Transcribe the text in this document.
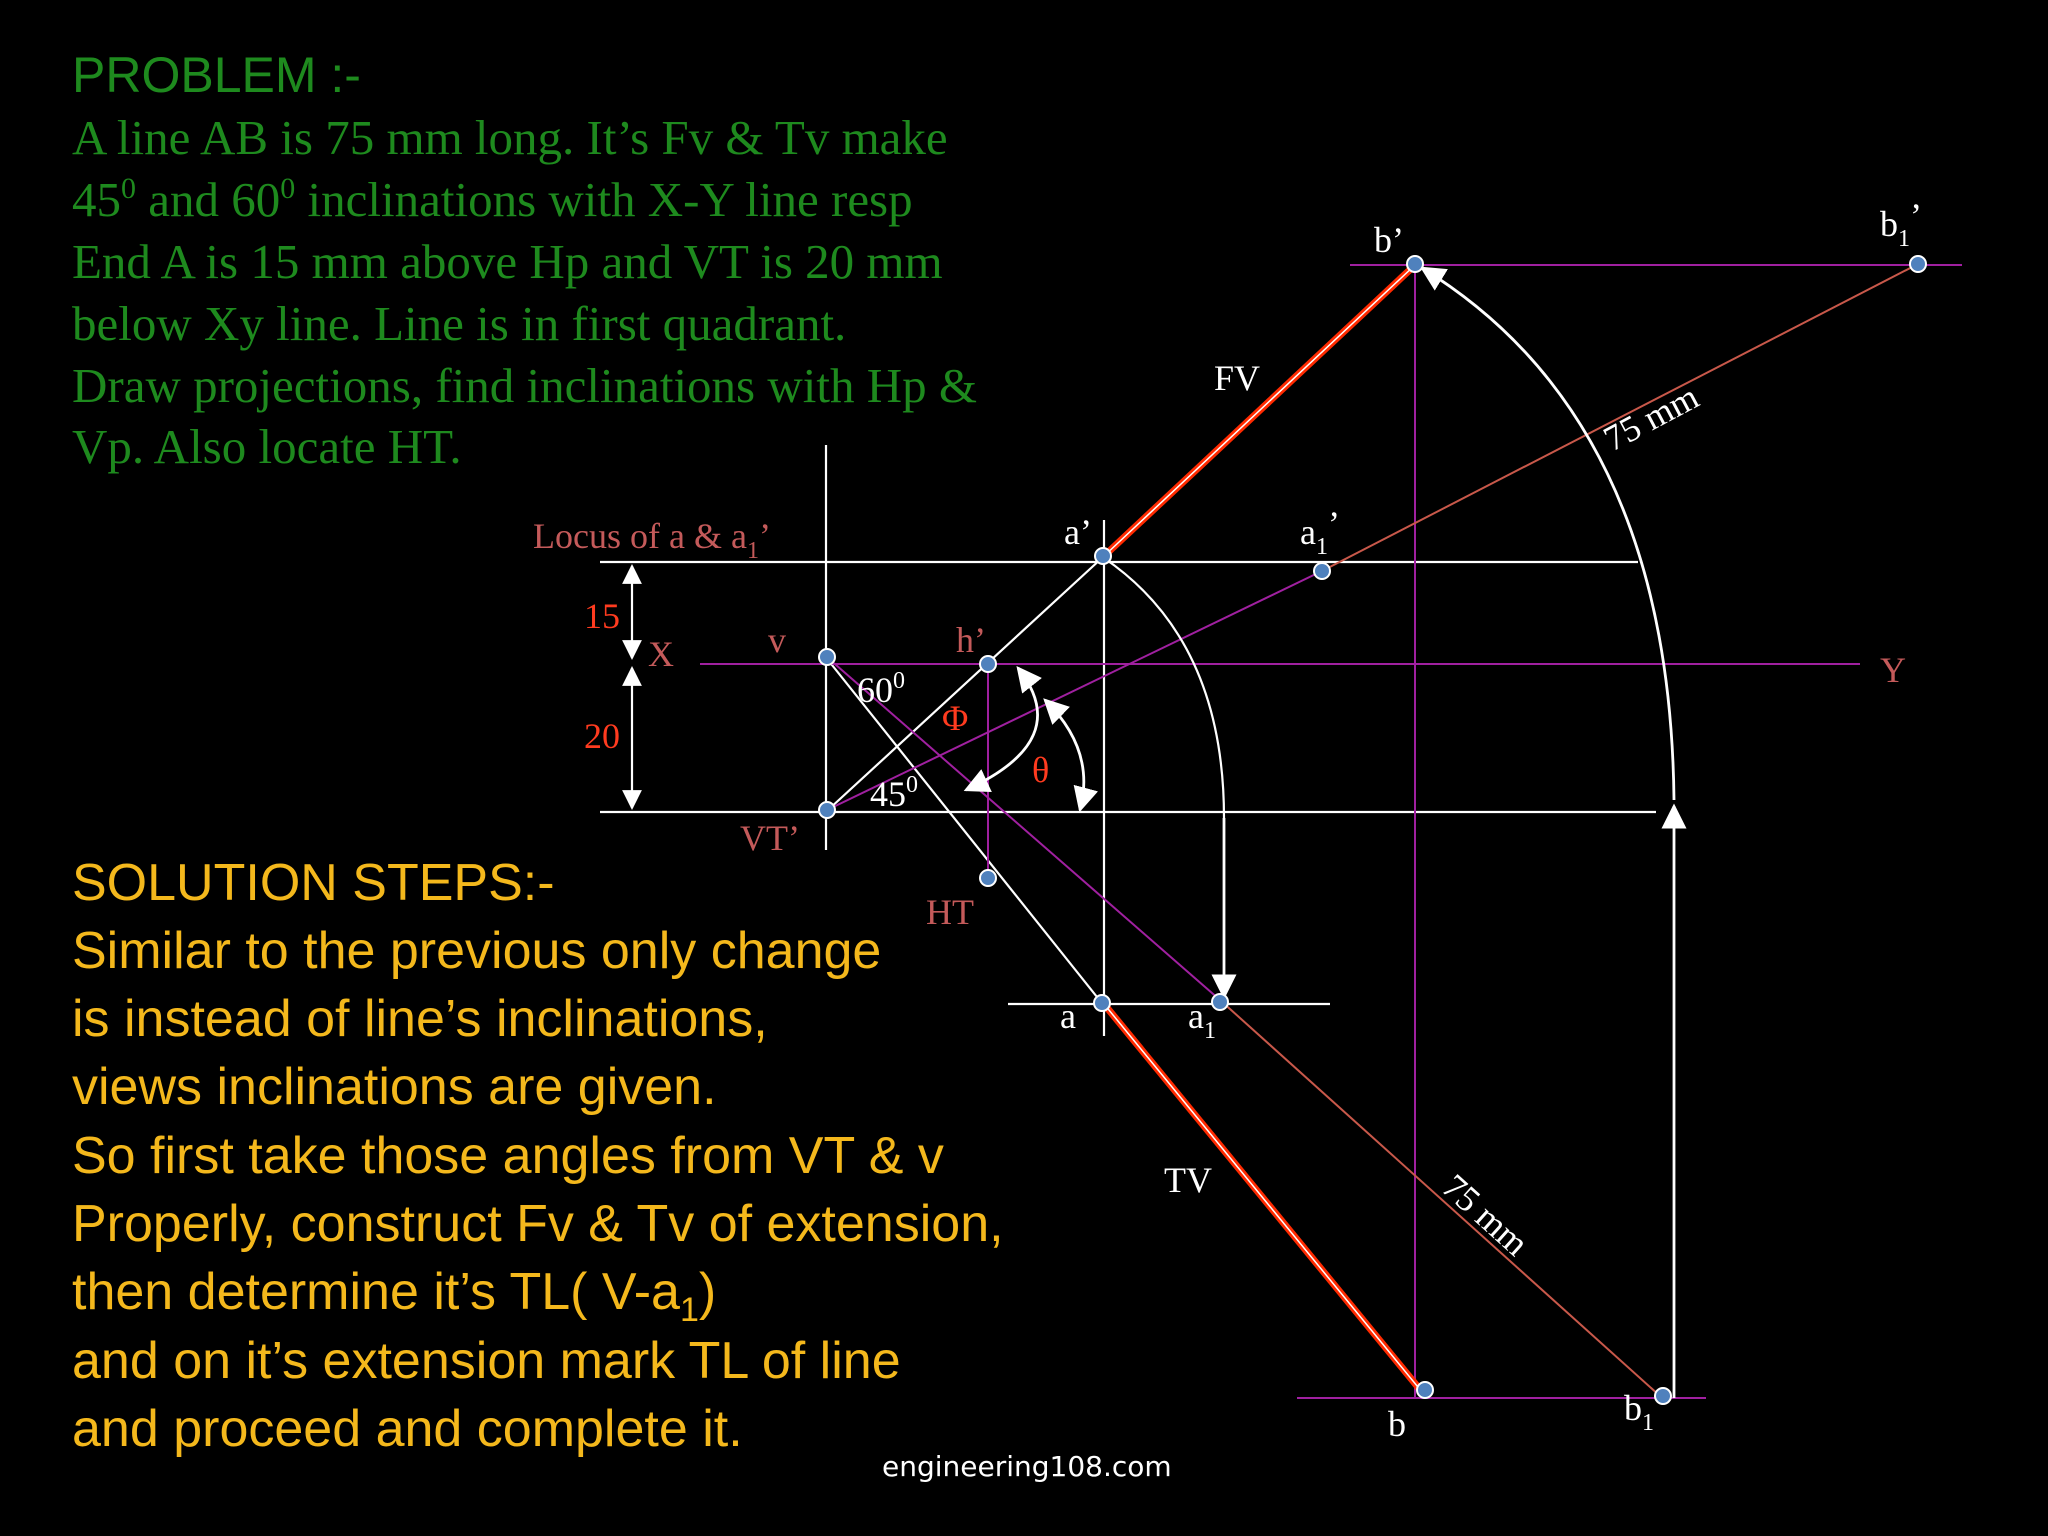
PROBLEM :-
A line AB is 75 mm long. It’s Fv & Tv make
$45^0$ and $60^0$ inclinations with X-Y line resp
End A is 15 mm above Hp and VT is 20 mm
below Xy line. Line is in first quadrant.
Draw projections, find inclinations with Hp &
Vp. Also locate HT.
SOLUTION STEPS:-
Similar to the previous only change
is instead of line’s inclinations,
views inclinations are given.
So first take those angles from VT & v
Properly, construct Fv & Tv of extension,
then determine it’s TL( $V-a_1$)
and on it’s extension mark TL of line
and proceed and complete it.
b’	$b_1$’
FV	75 mm
Locus of a & $a_1$’	a’	$a_1$’
15
X	Y
v	h’
$60^0$
Φ
θ
20
$45^0$
VT’
HT
a	$a_1$
TV	75 mm
b	$b_1$
engineering108.com
